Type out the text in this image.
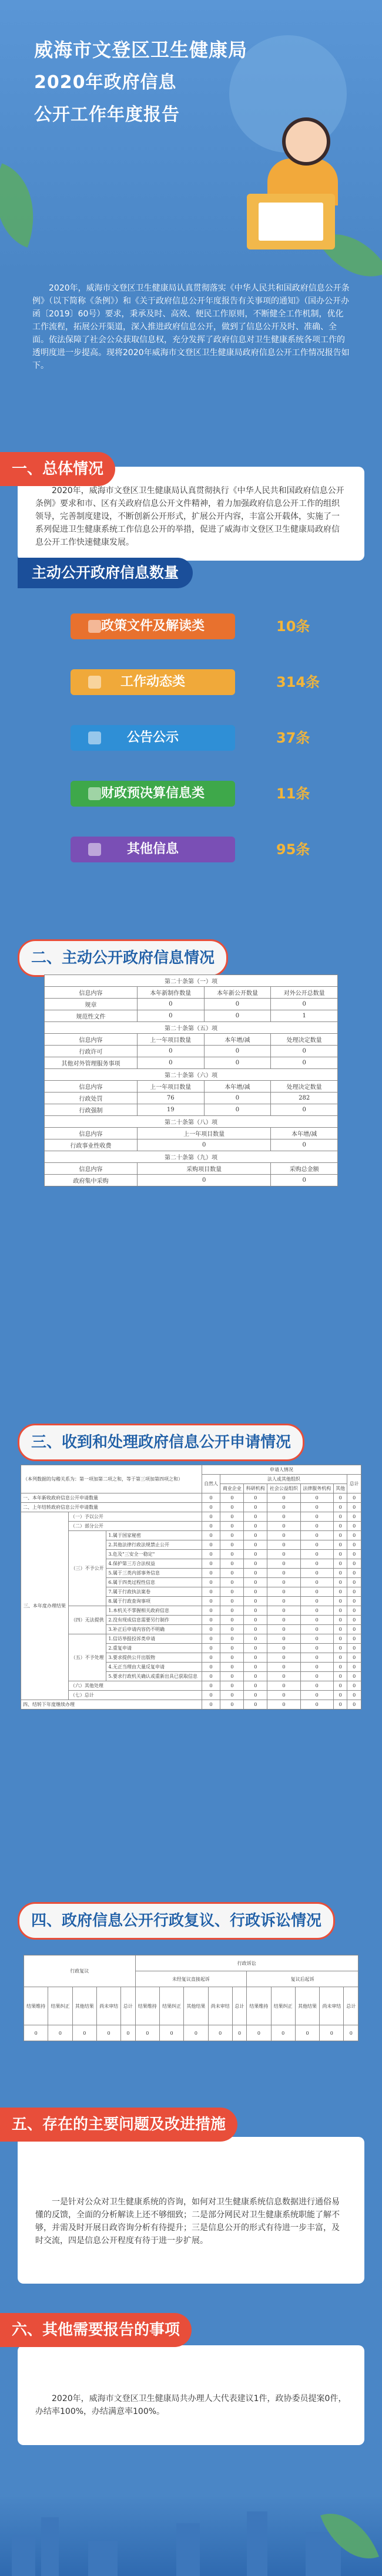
威海市文登区卫生健康局
2020年政府信息
公开工作年度报告
2020年，威海市文登区卫生健康局认真贯彻落实《中华人民共和国政府信息公开条例》（以下简称《条例》）和《关于政府信息公开年度报告有关事项的通知》（国办公开办函〔2019〕60号）要求，秉承及时、高效、便民工作原则，不断健全工作机制，优化工作流程，拓展公开渠道，深入推进政府信息公开，做到了信息公开及时、准确、全面。依法保障了社会公众获取信息权，充分发挥了政府信息对卫生健康系统各项工作的透明度进一步提高。现将2020年威海市文登区卫生健康局政府信息公开工作情况报告如下。
2020年，威海市文登区卫生健康局认真贯彻执行《中华人民共和国政府信息公开条例》要求和市、区有关政府信息公开文件精神，着力加强政府信息公开工作的组织领导，完善制度建设，不断创新公开形式，扩展公开内容，丰富公开载体，实施了一系列促进卫生健康系统工作信息公开的举措，促进了威海市文登区卫生健康局政府信息公开工作快速健康发展。
一、总体情况
主动公开政府信息数量
政策文件及解读类	10条
工作动态类	314条
公告公示	37条
财政预决算信息类	11条
其他信息	95条
二、主动公开政府信息情况
第二十条第（一）项			
信息内容	本年新制作数量	本年新公开数量	对外公开总数量
规章	0	0	0
规范性文件	0	0	1
第二十条第（五）项			
信息内容	上一年项目数量	本年增/减	处理决定数量
行政许可	0	0	0
其他对外管理服务事项	0	0	0
第二十条第（六）项			
信息内容	上一年项目数量	本年增/减	处理决定数量
行政处罚	76	0	282
行政强制	19	0	0
第二十条第（八）项			
信息内容	上一年项目数量		本年增/减
行政事业性收费	0		0
第二十条第（九）项			
信息内容	采购项目数量		采购总金额
政府集中采购	0		0
三、收到和处理政府信息公开申请情况
（本列数据的勾稽关系为：第一项加第二项之和，等于第三项加第四项之和）			申请人情况						
			自然人	法人或其他组织					总计
				商业企业	科研机构	社会公益组织	法律服务机构	其他	
一、本年新收政府信息公开申请数量			0	0	0	0	0	0	0
二、上年结转政府信息公开申请数量			0	0	0	0	0	0	0
三、本年度办理结果	（一）予以公开		0	0	0	0	0	0	0
	（二）部分公开		0	0	0	0	0	0	0
	（三）不予公开	1.属于国家秘密	0	0	0	0	0	0	0
		2.其他法律行政法规禁止公开	0	0	0	0	0	0	0
		3.危及"三安全一稳定"	0	0	0	0	0	0	0
		4.保护第三方合法权益	0	0	0	0	0	0	0
		5.属于三类内部事务信息	0	0	0	0	0	0	0
		6.属于四类过程性信息	0	0	0	0	0	0	0
		7.属于行政执法案卷	0	0	0	0	0	0	0
		8.属于行政查询事项	0	0	0	0	0	0	0
	（四）无法提供	1.本机关不掌握相关政府信息	0	0	0	0	0	0	0
		2.没有现成信息需要另行制作	0	0	0	0	0	0	0
		3.补正后申请内容仍不明确	0	0	0	0	0	0	0
	（五）不予处理	1.信访举报投诉类申请	0	0	0	0	0	0	0
		2.重复申请	0	0	0	0	0	0	0
		3.要求提供公开出版物	0	0	0	0	0	0	0
		4.无正当理由大量反复申请	0	0	0	0	0	0	0
		5.要求行政机关确认或重新出具已获取信息	0	0	0	0	0	0	0
	（六）其他处理		0	0	0	0	0	0	0
	（七）总计		0	0	0	0	0	0	0
四、结转下年度继续办理			0	0	0	0	0	0	0
四、政府信息公开行政复议、行政诉讼情况
行政复议					行政诉讼									
					未经复议直接起诉					复议后起诉				
结果维持	结果纠正	其他结果	尚未审结	总计	结果维持	结果纠正	其他结果	尚未审结	总计	结果维持	结果纠正	其他结果	尚未审结	总计
0	0	0	0	0	0	0	0	0	0	0	0	0	0	0
一是针对公众对卫生健康系统的咨询，如何对卫生健康系统信息数据进行通俗易懂的反馈，全面的分析解读上还不够细致；二是部分网民对卫生健康系统职能了解不够，并需及时开展日政咨询分析有待提升；三是信息公开的形式有待进一步丰富，及时交流，四是信息公开程度有待于进一步扩展。
五、存在的主要问题及改进措施
2020年，威海市文登区卫生健康局共办理人大代表建议1件，政协委员提案0件，办结率100%，办结满意率100%。
六、其他需要报告的事项
